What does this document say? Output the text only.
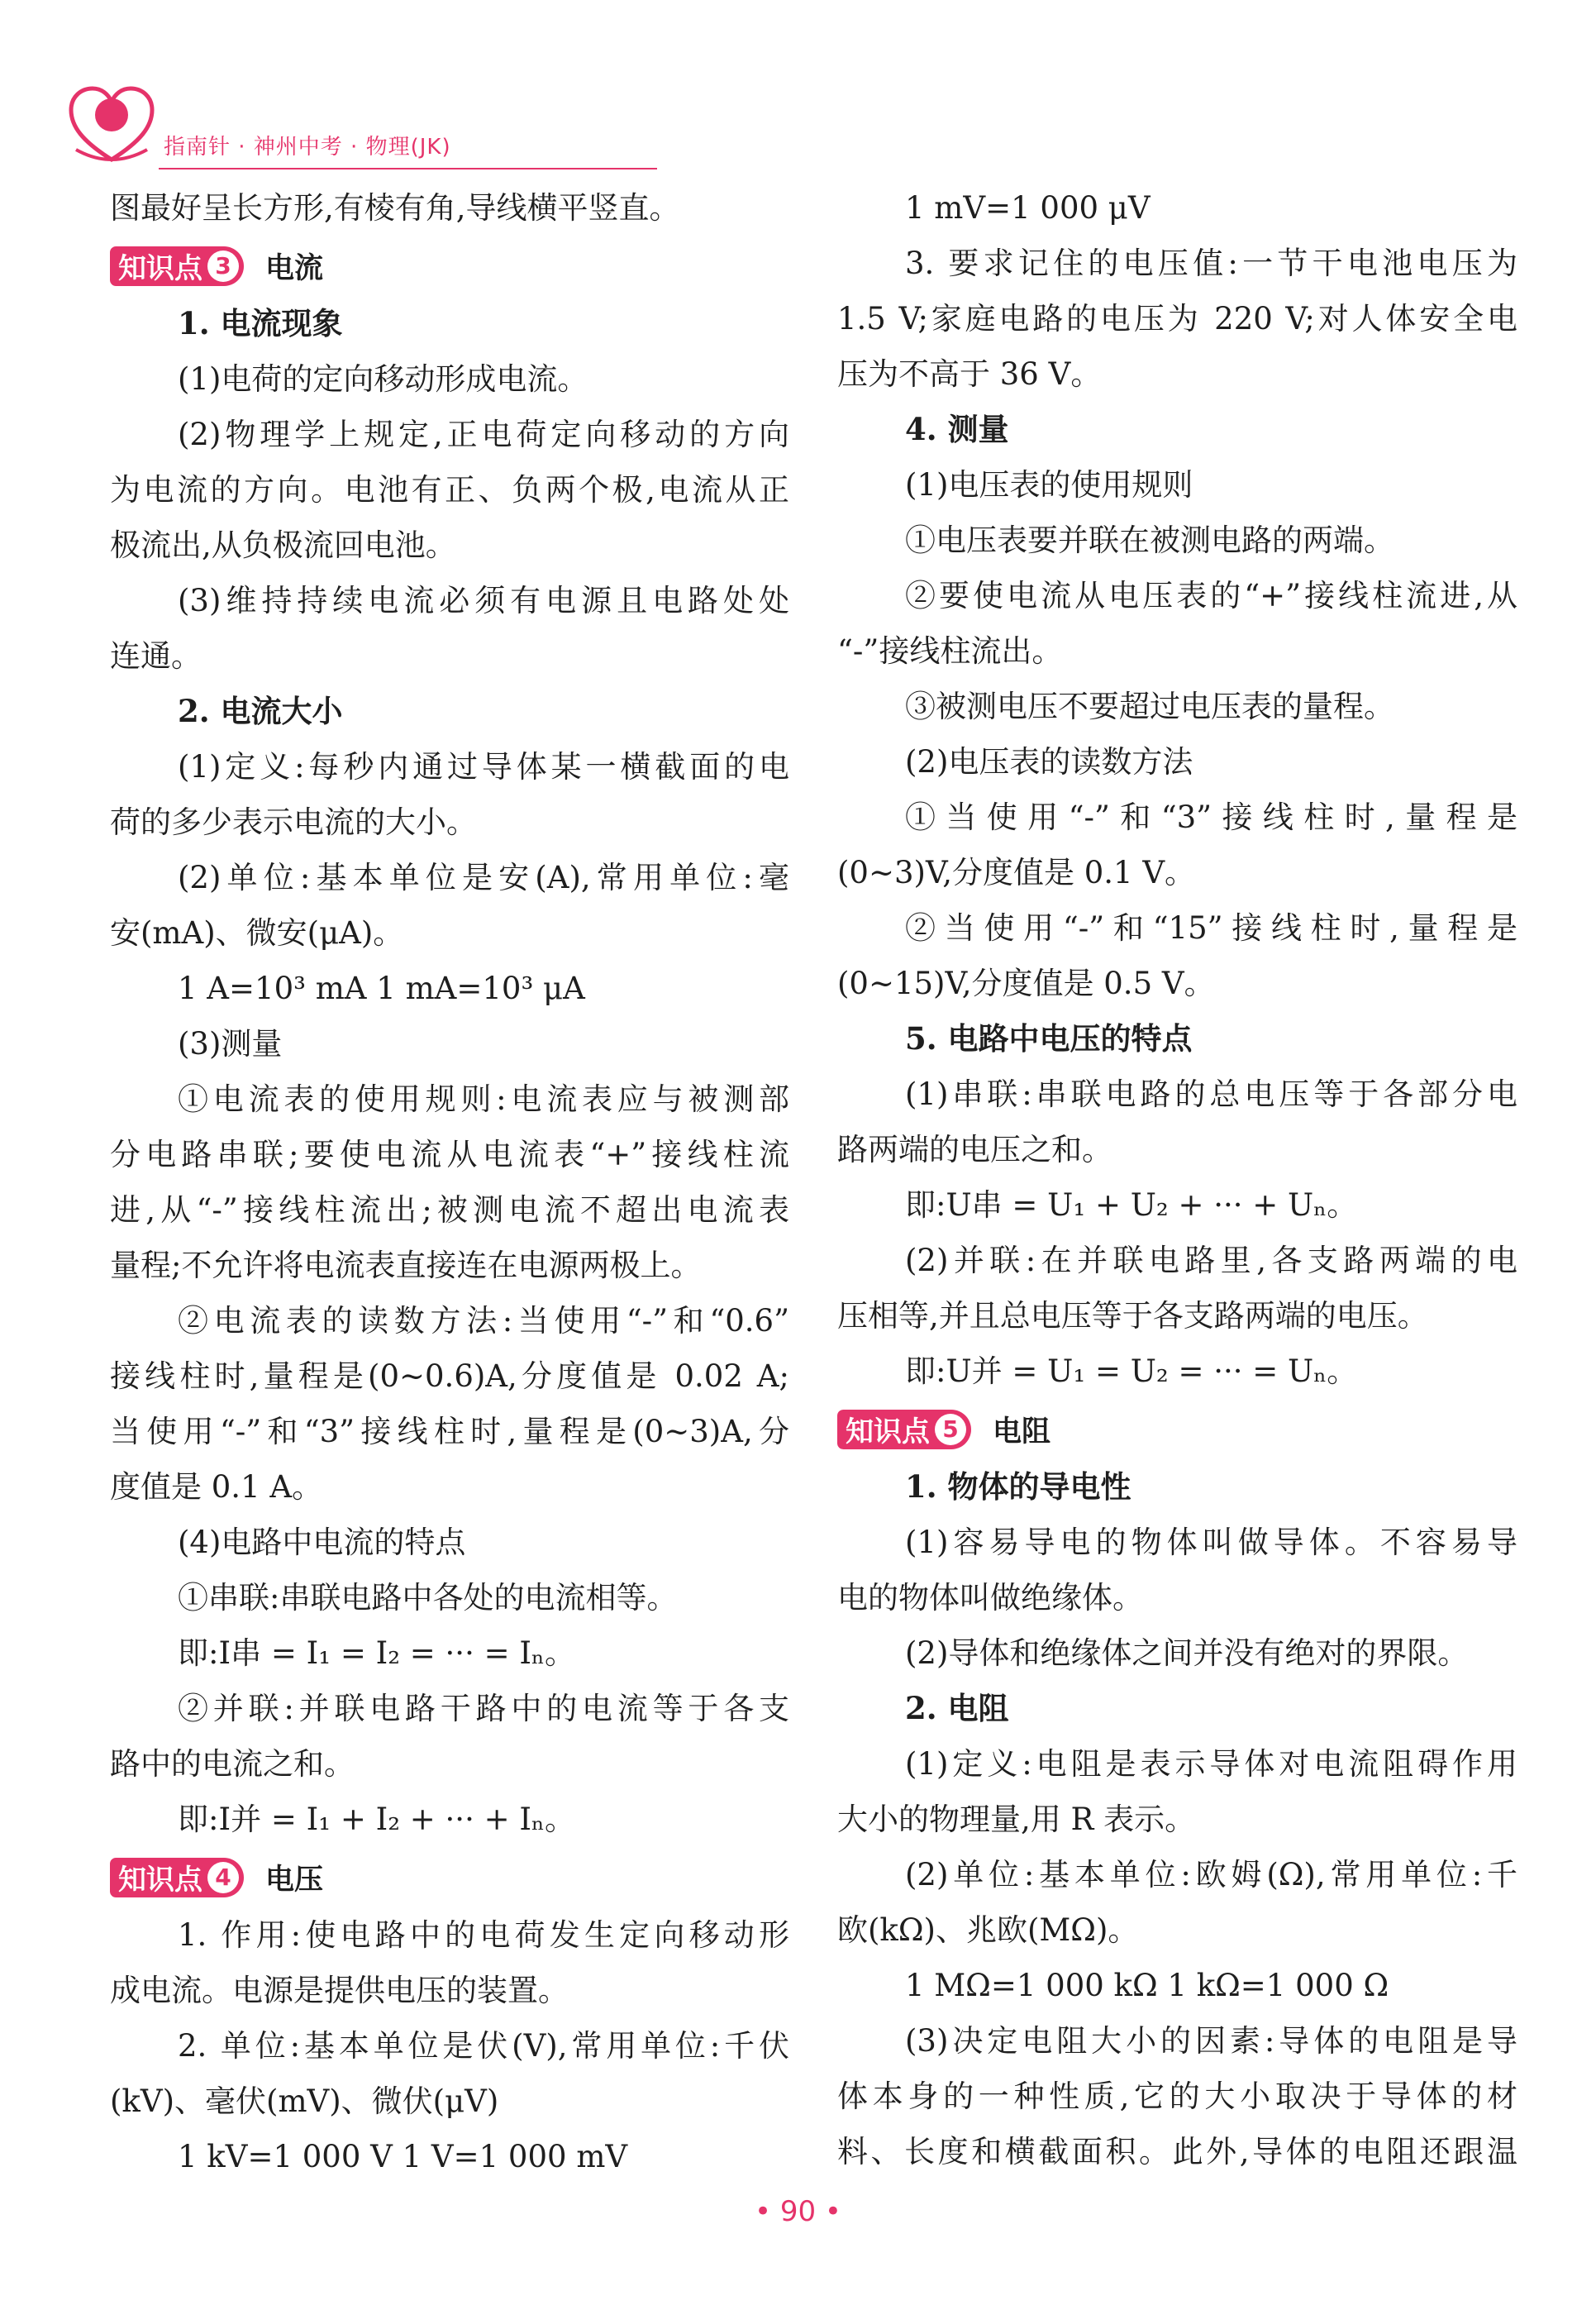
指南针 · 神州中考 · 物理(JK)
图最好呈长方形,有棱有角,导线横平竖直。
知识点 3 电流
1. 电流现象
(1)电荷的定向移动形成电流。
(2)物理学上规定,正电荷定向移动的方向
为电流的方向。电池有正、负两个极,电流从正
极流出,从负极流回电池。
(3)维持持续电流必须有电源且电路处处
连通。
2. 电流大小
(1)定义:每秒内通过导体某一横截面的电
荷的多少表示电流的大小。
(2)单位:基本单位是安(A),常用单位:毫
安(mA)、微安(μA)。
1 A=10³ mA 1 mA=10³ μA
(3)测量
①电流表的使用规则:电流表应与被测部
分电路串联;要使电流从电流表“+”接线柱流
进,从“-”接线柱流出;被测电流不超出电流表
量程;不允许将电流表直接连在电源两极上。
②电流表的读数方法:当使用“-”和“0.6”
接线柱时,量程是(0~0.6)A,分度值是 0.02 A;
当使用“-”和“3”接线柱时,量程是(0~3)A,分
度值是 0.1 A。
(4)电路中电流的特点
①串联:串联电路中各处的电流相等。
即:I串 = I₁ = I₂ = ··· = Iₙ。
②并联:并联电路干路中的电流等于各支
路中的电流之和。
即:I并 = I₁ + I₂ + ··· + Iₙ。
知识点 4 电压
1. 作用:使电路中的电荷发生定向移动形
成电流。电源是提供电压的装置。
2. 单位:基本单位是伏(V),常用单位:千伏
(kV)、毫伏(mV)、微伏(μV)
1 kV=1 000 V 1 V=1 000 mV
1 mV=1 000 μV
3. 要求记住的电压值:一节干电池电压为
1.5 V;家庭电路的电压为 220 V;对人体安全电
压为不高于 36 V。
4. 测量
(1)电压表的使用规则
①电压表要并联在被测电路的两端。
②要使电流从电压表的“+”接线柱流进,从
“-”接线柱流出。
③被测电压不要超过电压表的量程。
(2)电压表的读数方法
①当使用“-”和“3”接线柱时,量程是
(0~3)V,分度值是 0.1 V。
②当使用“-”和“15”接线柱时,量程是
(0~15)V,分度值是 0.5 V。
5. 电路中电压的特点
(1)串联:串联电路的总电压等于各部分电
路两端的电压之和。
即:U串 = U₁ + U₂ + ··· + Uₙ。
(2)并联:在并联电路里,各支路两端的电
压相等,并且总电压等于各支路两端的电压。
即:U并 = U₁ = U₂ = ··· = Uₙ。
知识点 5 电阻
1. 物体的导电性
(1)容易导电的物体叫做导体。不容易导
电的物体叫做绝缘体。
(2)导体和绝缘体之间并没有绝对的界限。
2. 电阻
(1)定义:电阻是表示导体对电流阻碍作用
大小的物理量,用 R 表示。
(2)单位:基本单位:欧姆(Ω),常用单位:千
欧(kΩ)、兆欧(MΩ)。
1 MΩ=1 000 kΩ 1 kΩ=1 000 Ω
(3)决定电阻大小的因素:导体的电阻是导
体本身的一种性质,它的大小取决于导体的材
料、长度和横截面积。此外,导体的电阻还跟温
• 90 •
